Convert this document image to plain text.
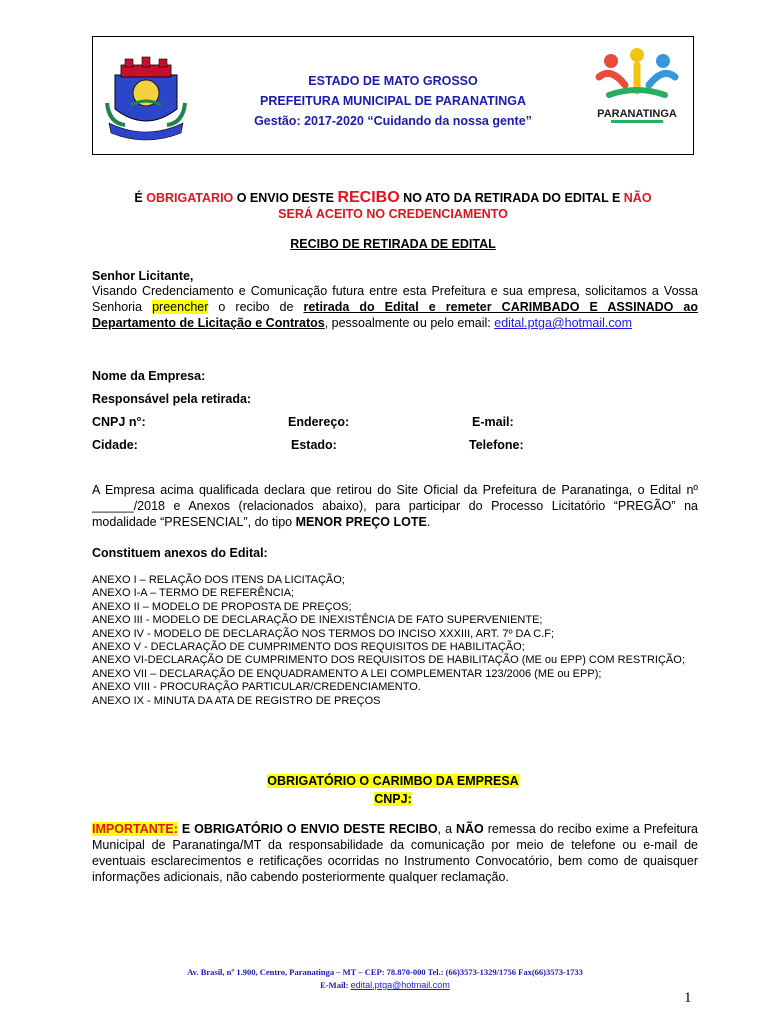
ESTADO DE MATO GROSSO
PREFEITURA MUNICIPAL DE PARANATINGA
Gestão: 2017-2020 “Cuidando da nossa gente”	PARANATINGA
É OBRIGATARIO O ENVIO DESTE RECIBO NO ATO DA RETIRADA DO EDITAL E NÃO
SERÁ ACEITO NO CREDENCIAMENTO
RECIBO DE RETIRADA DE EDITAL
Senhor Licitante,
Visando Credenciamento e Comunicação futura entre esta Prefeitura e sua empresa, solicitamos a Vossa Senhoria preencher o recibo de retirada do Edital e remeter CARIMBADO E ASSINADO ao Departamento de Licitação e Contratos, pessoalmente ou pelo email: edital.ptga@hotmail.com
Nome da Empresa:
Responsável pela retirada:
CNPJ n°:	Endereço:	E-mail:
Cidade:	Estado:	Telefone:
A Empresa acima qualificada declara que retirou do Site Oficial da Prefeitura de Paranatinga, o Edital nº ______/2018 e Anexos (relacionados abaixo), para participar do Processo Licitatório “PREGÃO” na modalidade “PRESENCIAL”, do tipo MENOR PREÇO LOTE.
Constituem anexos do Edital:
ANEXO I – RELAÇÃO DOS ITENS DA LICITAÇÃO;
ANEXO I-A – TERMO DE REFERÊNCIA;
ANEXO II – MODELO DE PROPOSTA DE PREÇOS;
ANEXO III - MODELO DE DECLARAÇÃO DE INEXISTÊNCIA DE FATO SUPERVENIENTE;
ANEXO IV - MODELO DE DECLARAÇÃO NOS TERMOS DO INCISO XXXIII, ART. 7º DA C.F;
ANEXO V - DECLARAÇÃO DE CUMPRIMENTO DOS REQUISITOS DE HABILITAÇÃO;
ANEXO VI-DECLARAÇÃO DE CUMPRIMENTO DOS REQUISITOS DE HABILITAÇÃO (ME ou EPP) COM RESTRIÇÃO;
ANEXO VII – DECLARAÇÃO DE ENQUADRAMENTO A LEI COMPLEMENTAR 123/2006 (ME ou EPP);
ANEXO VIII - PROCURAÇÃO PARTICULAR/CREDENCIAMENTO.
ANEXO IX - MINUTA DA ATA DE REGISTRO DE PREÇOS
OBRIGATÓRIO O CARIMBO DA EMPRESA
CNPJ:
IMPORTANTE: E OBRIGATÓRIO O ENVIO DESTE RECIBO, a NÃO remessa do recibo exime a Prefeitura Municipal de Paranatinga/MT da responsabilidade da comunicação por meio de telefone ou e-mail de eventuais esclarecimentos e retificações ocorridas no Instrumento Convocatório, bem como de quaisquer informações adicionais, não cabendo posteriormente qualquer reclamação.
Av. Brasil, nº 1.900, Centro, Paranatinga – MT – CEP: 78.870-000 Tel.: (66)3573-1329/1756 Fax(66)3573-1733
E-Mail: edital.ptga@hotmail.com
1
